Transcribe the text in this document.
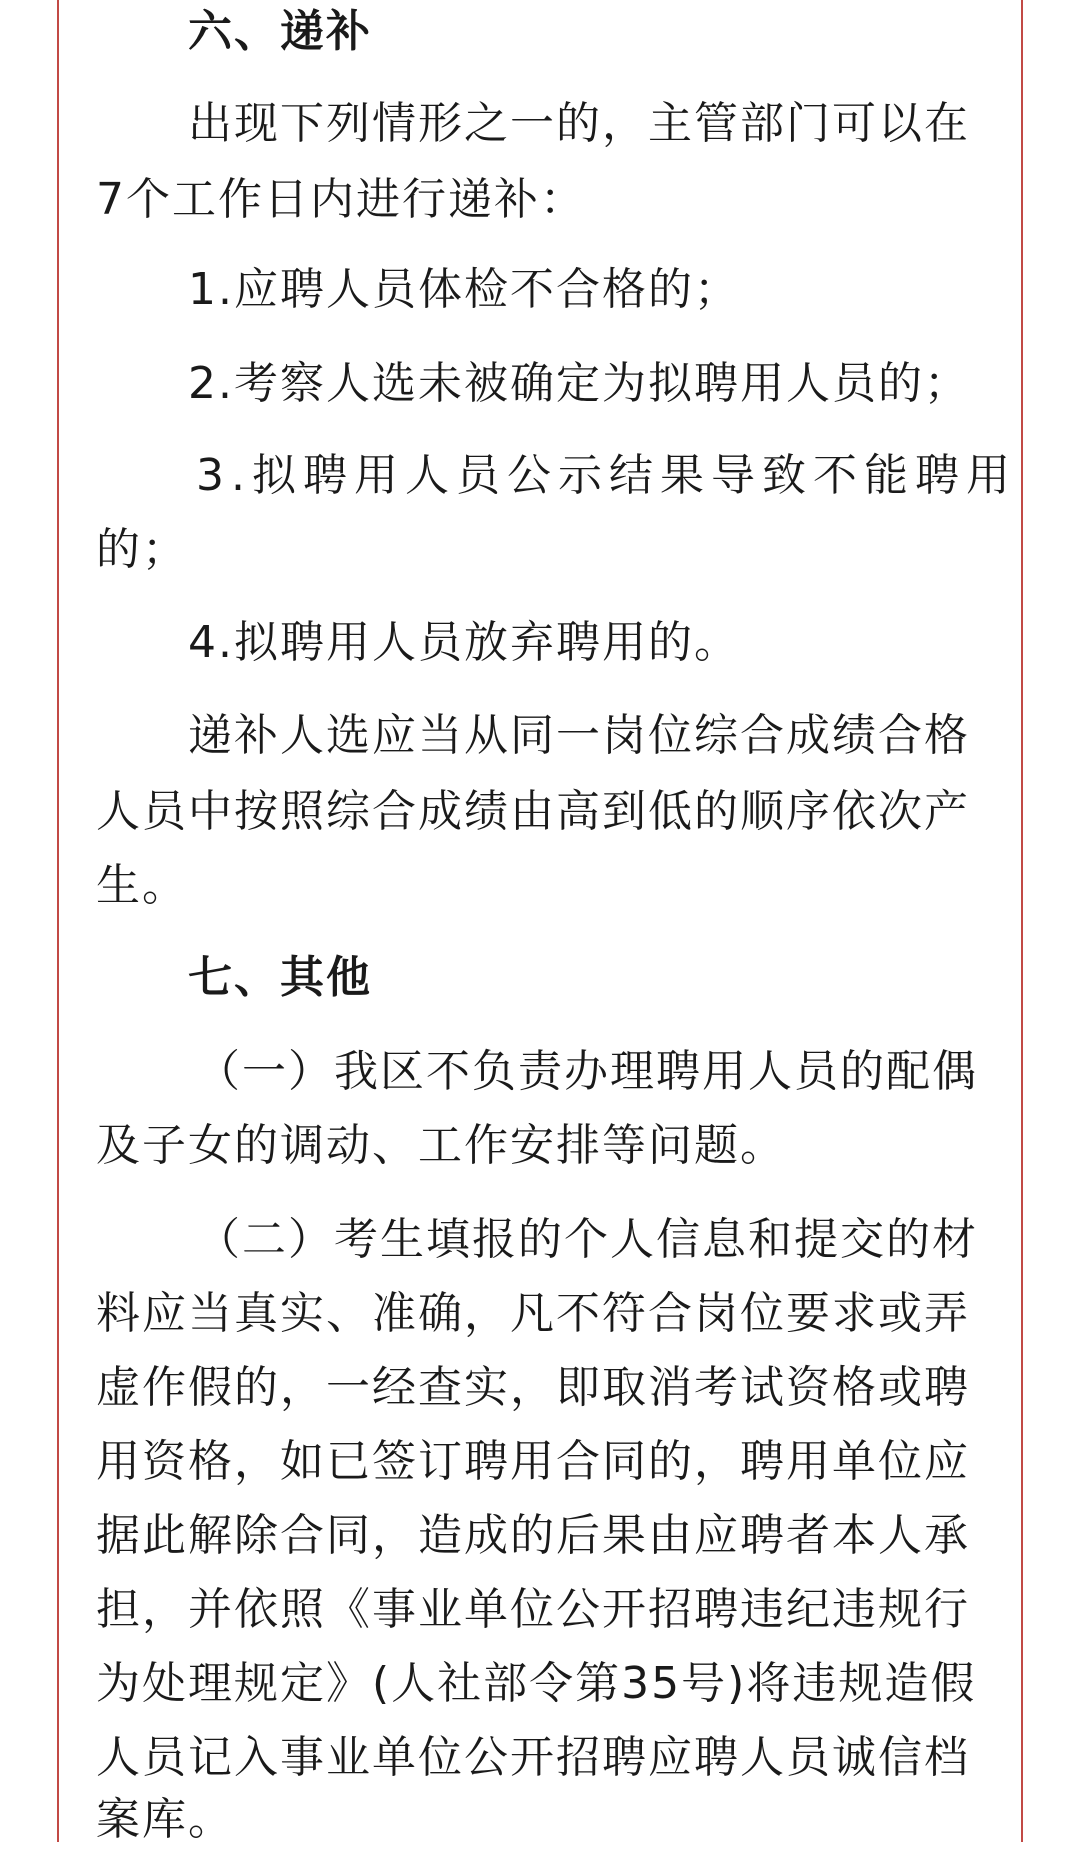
六、递补
出现下列情形之一的，主管部门可以在
7个工作日内进行递补：
1.应聘人员体检不合格的；
2.考察人选未被确定为拟聘用人员的；
3.拟聘用人员公示结果导致不能聘用
的；
4.拟聘用人员放弃聘用的。
递补人选应当从同一岗位综合成绩合格
人员中按照综合成绩由高到低的顺序依次产
生。
七、其他
（一）我区不负责办理聘用人员的配偶
及子女的调动、工作安排等问题。
（二）考生填报的个人信息和提交的材
料应当真实、准确，凡不符合岗位要求或弄
虚作假的，一经查实，即取消考试资格或聘
用资格，如已签订聘用合同的，聘用单位应
据此解除合同，造成的后果由应聘者本人承
担，并依照《事业单位公开招聘违纪违规行
为处理规定》(人社部令第35号)将违规造假
人员记入事业单位公开招聘应聘人员诚信档
案库。
